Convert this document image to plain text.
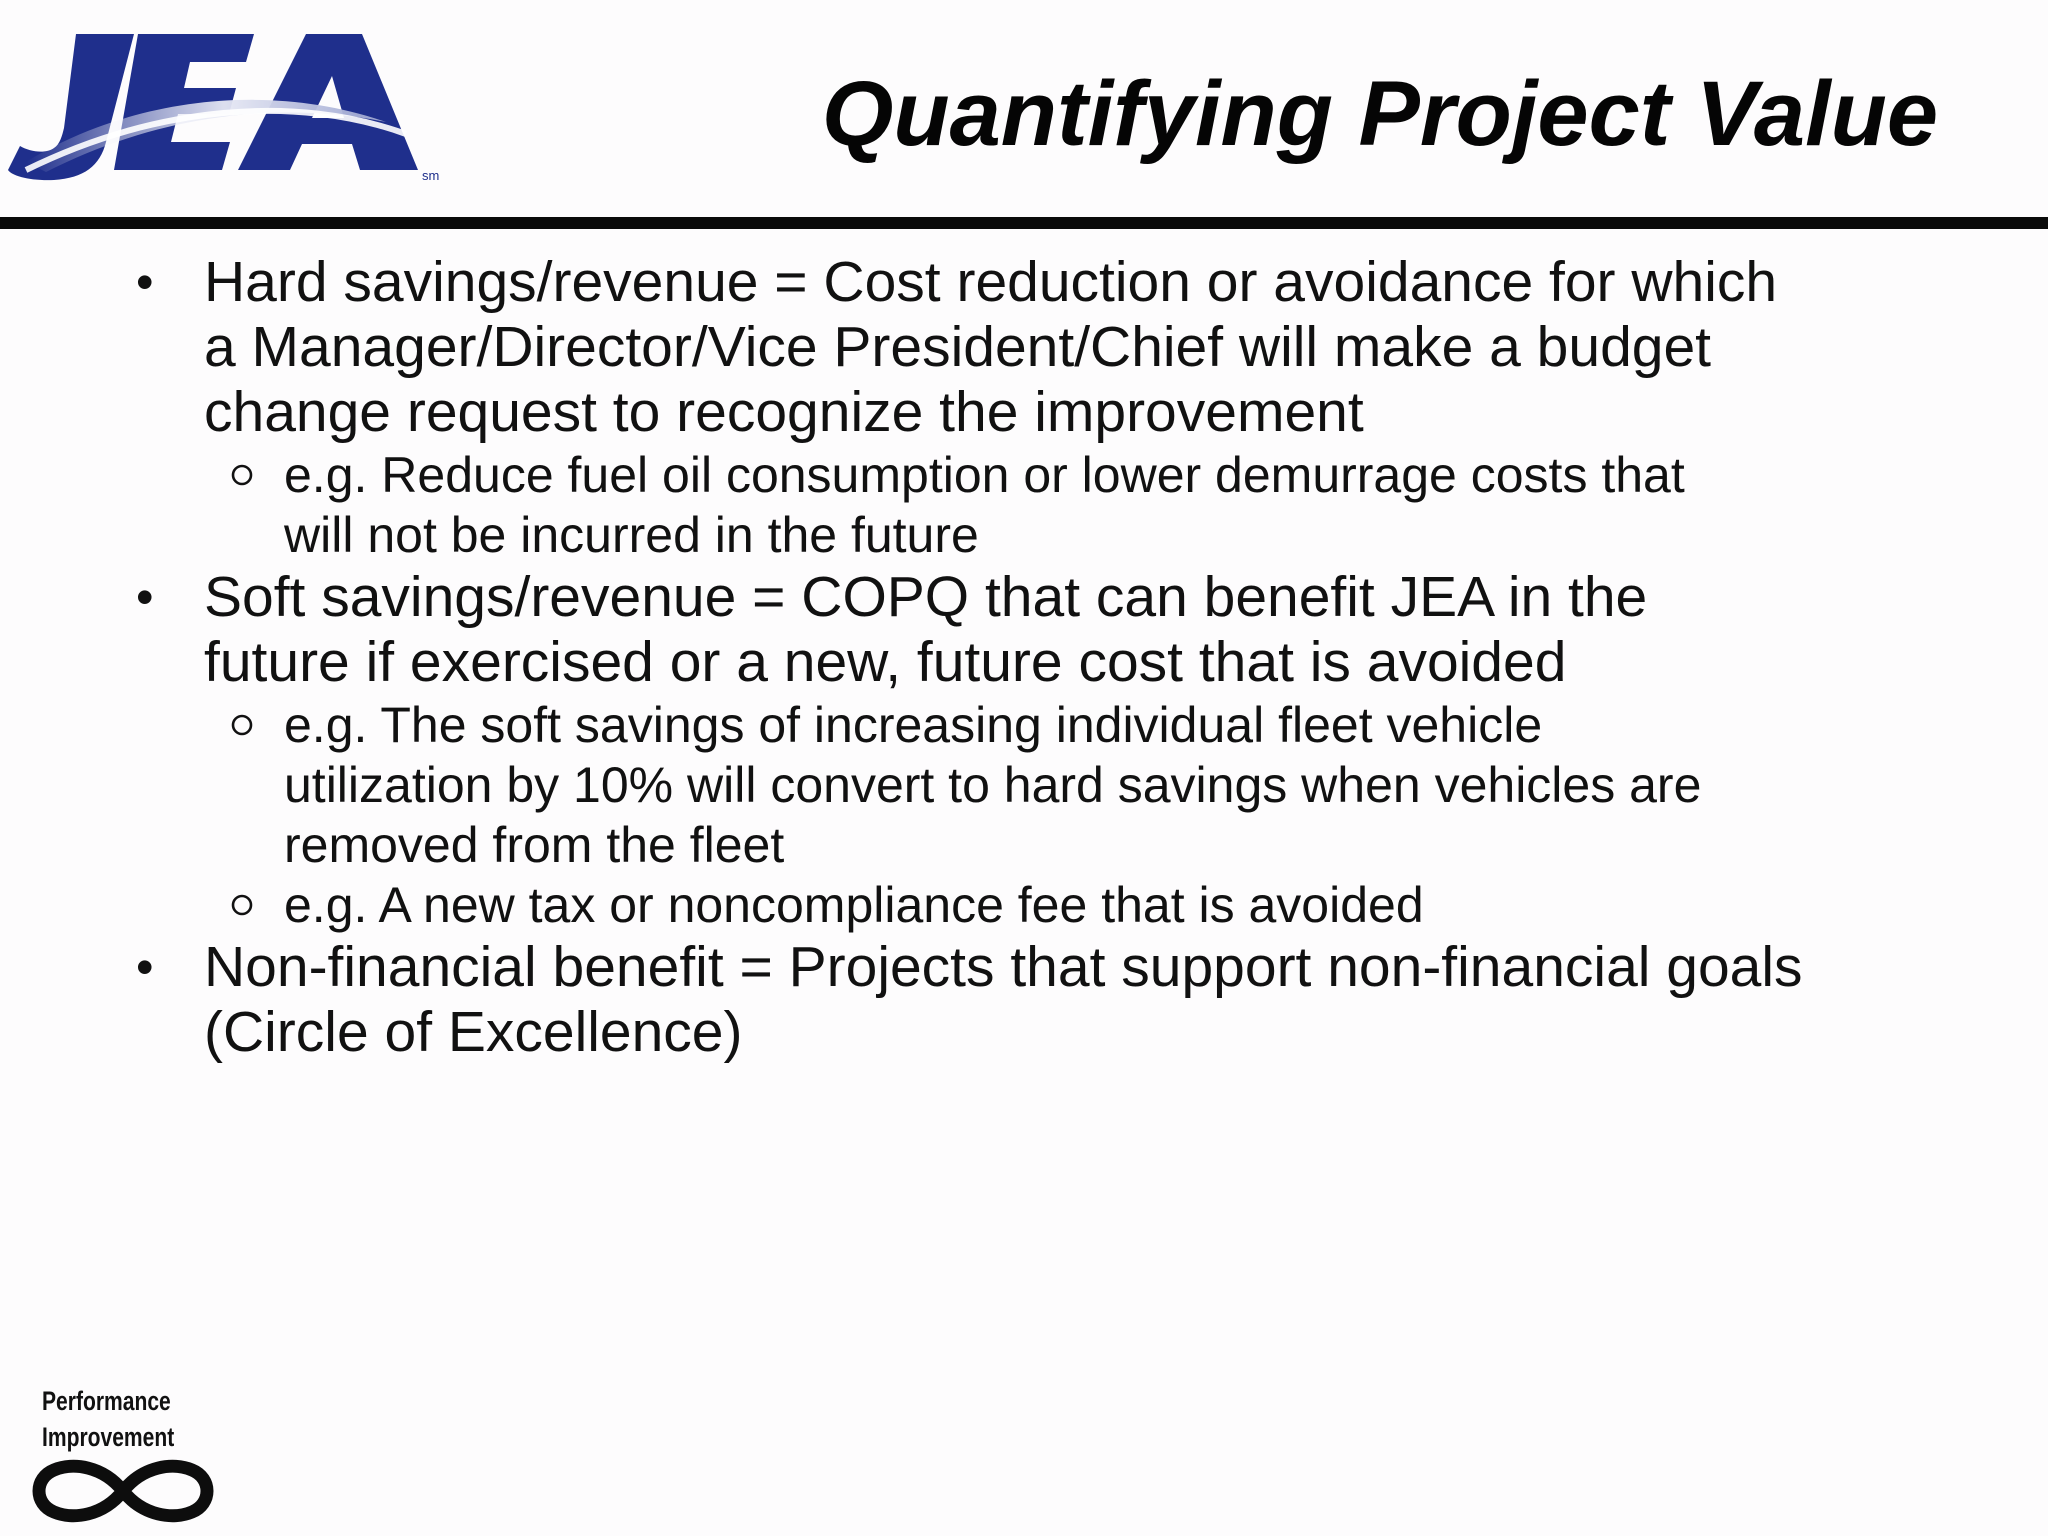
sm
Quantifying Project Value
• Hard savings/revenue = Cost reduction or avoidance for which
a Manager/Director/Vice President/Chief will make a budget
change request to recognize the improvement
e.g. Reduce fuel oil consumption or lower demurrage costs that
will not be incurred in the future
• Soft savings/revenue = COPQ that can benefit JEA in the
future if exercised or a new, future cost that is avoided
e.g. The soft savings of increasing individual fleet vehicle
utilization by 10% will convert to hard savings when vehicles are
removed from the fleet
e.g. A new tax or noncompliance fee that is avoided
• Non-financial benefit = Projects that support non-financial goals
(Circle of Excellence)
Performance
Improvement
